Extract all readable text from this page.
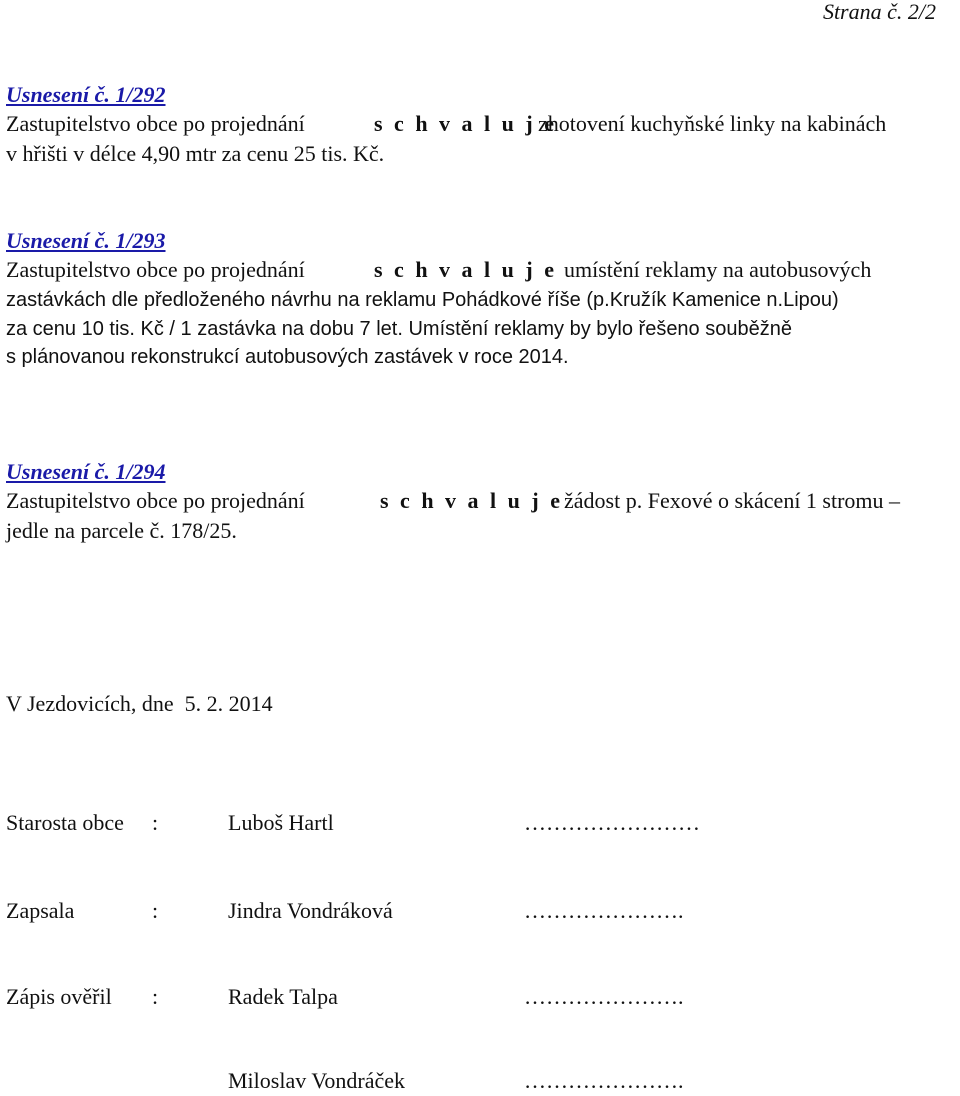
Strana č. 2/2
Usnesení č. 1/292
Zastupitelstvo obce po projednání	s c h v a l u j e
zhotovení kuchyňské linky na kabinách
v hřišti v délce 4,90 mtr za cenu 25 tis. Kč.
Usnesení č. 1/293
Zastupitelstvo obce po projednání	s c h v a l u j e umístění reklamy na autobusových
zastávkách dle předloženého návrhu na reklamu Pohádkové říše (p.Kružík Kamenice n.Lipou)
za cenu 10 tis. Kč / 1 zastávka na dobu 7 let. Umístění reklamy by bylo řešeno souběžně
s plánovanou rekonstrukcí autobusových zastávek v roce 2014.
Usnesení č. 1/294
Zastupitelstvo obce po projednání	s c h v a l u j e žádost p. Fexové o skácení 1 stromu –
jedle na parcele č. 178/25.
V Jezdovicích, dne  5. 2. 2014
Starosta obce :	Luboš Hartl	……………………
Zapsala	:	Jindra Vondráková	………………….
Zápis ověřil :	Radek Talpa	………………….
Miloslav Vondráček	………………….
